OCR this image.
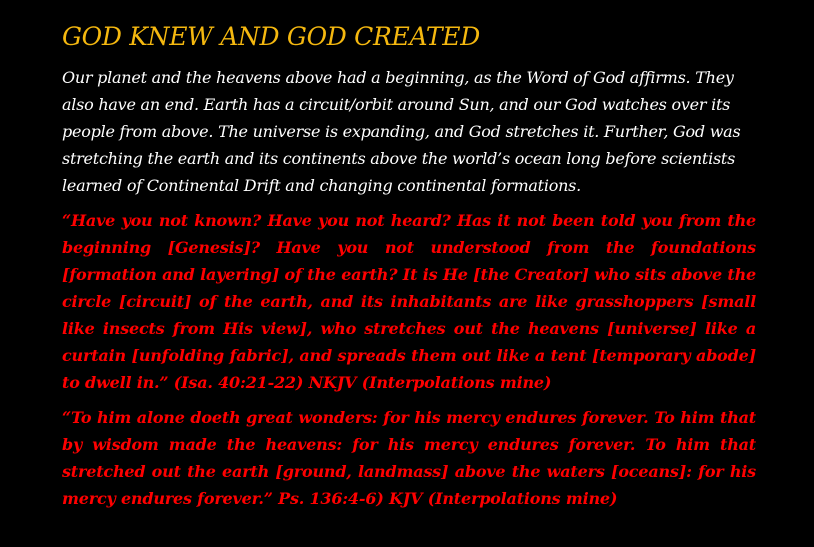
GOD KNEW AND GOD CREATED

Our planet and the heavens above had a beginning, as the Word of God affirms. They also have an end. Earth has a circuit/orbit around Sun, and our God watches over its people from above. The universe is expanding, and God stretches it. Further, God was stretching the earth and its continents above the world’s ocean long before scientists learned of Continental Drift and changing continental formations.

“Have you not known? Have you not heard? Has it not been told you from the beginning [Genesis]? Have you not understood from the foundations [formation and layering] of the earth? It is He [the Creator] who sits above the circle [circuit] of the earth, and its inhabitants are like grasshoppers [small like insects from His view], who stretches out the heavens [universe] like a curtain [unfolding fabric], and spreads them out like a tent [temporary abode] to dwell in.” (Isa. 40:21-22) NKJV (Interpolations mine)

“To him alone doeth great wonders: for his mercy endures forever. To him that by wisdom made the heavens: for his mercy endures forever. To him that stretched out the earth [ground, landmass] above the waters [oceans]: for his mercy endures forever.” Ps. 136:4-6) KJV (Interpolations mine)
